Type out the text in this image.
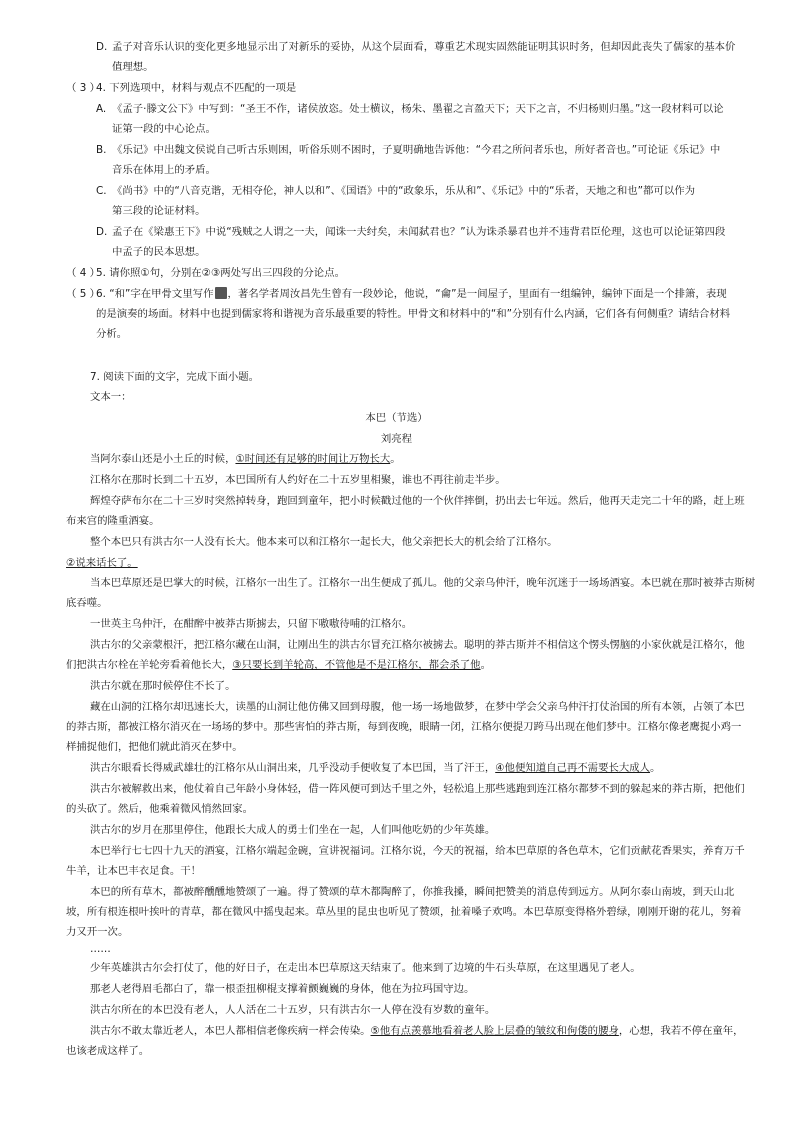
D. 孟子对音乐认识的变化更多地显示出了对新乐的妥协，从这个层面看，尊重艺术现实固然能证明其识时务，但却因此丧失了儒家的基本价
值理想。
（ 3 ）
4. 下列选项中，材料与观点不匹配的一项是
A. 《孟子·滕文公下》中写到：“圣王不作，诸侯放恣。处士横议，杨朱、墨翟之言盈天下；天下之言，不归杨则归墨。”这一段材料可以论
证第一段的中心论点。
B. 《乐记》中出魏文侯说自己听古乐则困，听俗乐则不困时，子夏明确地告诉他：“今君之所问者乐也，所好者音也。”可论证《乐记》中
音乐在体用上的矛盾。
C. 《尚书》中的“八音克谐，无相夺伦，神人以和”、《国语》中的“政象乐，乐从和”、《乐记》中的“乐者，天地之和也”都可以作为
第三段的论证材料。
D. 孟子在《梁惠王下》中说“残贼之人谓之一夫，闻诛一夫纣矣，未闻弑君也？”认为诛杀暴君也并不违背君臣伦理，这也可以论证第四段
中孟子的民本思想。
（ 4 ）
5. 请你照①句，分别在②③两处写出三四段的分论点。
（ 5 ）
6. “和”字在甲骨文里写作 ，著名学者周汝昌先生曾有一段妙论，他说，“龠”是一间屋子，里面有一组编钟，编钟下面是一个排箫，表现
的是演奏的场面。材料中也提到儒家将和谐视为音乐最重要的特性。甲骨文和材料中的“和”分别有什么内涵，它们各有何侧重？请结合材料
分析。
7. 阅读下面的文字，完成下面小题。
文本一：
本巴（节选）
刘亮程
当阿尔泰山还是小土丘的时候，①时间还有足够的时间让万物长大。
江格尔在那时长到二十五岁，本巴国所有人约好在二十五岁里相聚，谁也不再往前走半步。
辉煌夺萨布尔在二十三岁时突然掉转身，跑回到童年，把小时候戳过他的一个伙伴摔倒，扔出去七年远。然后，他再天走完二十年的路，赶上班
布来宫的隆重酒宴。
整个本巴只有洪古尔一人没有长大。他本来可以和江格尔一起长大，他父亲把长大的机会给了江格尔。
②说来话长了。
当本巴草原还是巴掌大的时候，江格尔一出生了。江格尔一出生便成了孤儿。他的父亲乌仲汗，晚年沉迷于一场场酒宴。本巴就在那时被莽古斯树
底吞噬。
一世英主乌仲汗，在酣醉中被莽古斯掳去，只留下嗷嗷待哺的江格尔。
洪古尔的父亲蒙根汗，把江格尔藏在山洞，让刚出生的洪古尔冒充江格尔被掳去。聪明的莽古斯并不相信这个愣头愣脑的小家伙就是江格尔，他
们把洪古尔栓在羊轮旁看着他长大，③只要长到羊轮高，不管他是不是江格尔，都会杀了他。
洪古尔就在那时候停住不长了。
藏在山洞的江格尔却迅速长大，读墨的山洞让他仿佛又回到母腹，他一场一场地做梦，在梦中学会父亲乌仲汗打仗治国的所有本领，占领了本巴
的莽古斯，都被江格尔消灭在一场场的梦中。那些害怕的莽古斯，每到夜晚，眼睛一闭，江格尔便提刀跨马出现在他们梦中。江格尔像老鹰捉小鸡一
样捕捉他们，把他们就此消灭在梦中。
洪古尔眼看长得威武雄壮的江格尔从山洞出来，几乎没动手便收复了本巴国，当了汗王，④他便知道自己再不需要长大成人。
洪古尔被解救出来，他仗着自己年龄小身体轻，借一阵风便可到达千里之外，轻松追上那些逃跑到连江格尔都梦不到的躲起来的莽古斯，把他们
的头砍了。然后，他乘着微风悄然回家。
洪古尔的岁月在那里停住，他跟长大成人的勇士们坐在一起，人们叫他吃奶的少年英雄。
本巴举行七七四十九天的酒宴，江格尔端起金碗，宣讲祝福词。江格尔说，今天的祝福，给本巴草原的各色草木，它们贡献花香果实，养育万千
牛羊，让本巴丰衣足食。干！
本巴的所有草木，都被醉醺醺地赞颂了一遍。得了赞颂的草木都陶醉了，你推我搡，瞬间把赞美的消息传到远方。从阿尔泰山南坡，到天山北
坡，所有根连根叶挨叶的青草，都在微风中摇曳起来。草丛里的昆虫也听见了赞颂，扯着嗓子欢鸣。本巴草原变得格外碧绿，刚刚开谢的花儿，努着
力又开一次。
……
少年英雄洪古尔会打仗了，他的好日子，在走出本巴草原这天结束了。他来到了边境的牛石头草原，在这里遇见了老人。
那老人老得眉毛都白了，靠一根歪扭柳棍支撑着颤巍巍的身体，他在为拉玛国守边。
洪古尔所在的本巴没有老人，人人活在二十五岁，只有洪古尔一人停在没有岁数的童年。
洪古尔不敢太靠近老人，本巴人都相信老像疾病一样会传染。⑤他有点羡慕地看着老人脸上层叠的皱纹和佝偻的腰身，心想，我若不停在童年，
也该老成这样了。
